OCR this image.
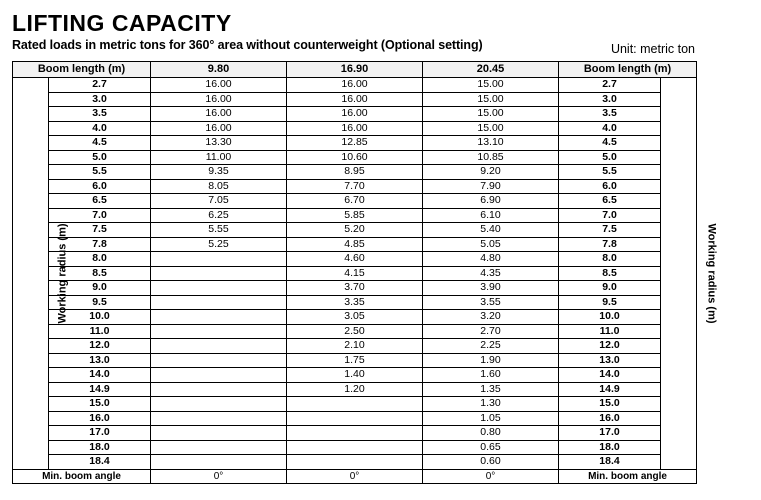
LIFTING CAPACITY
Rated loads in metric tons for 360° area without counterweight (Optional setting)	Unit: metric ton
Boom length (m)		9.80	16.90	20.45	Boom length (m)	
Working radius (m)	2.7	16.00	16.00	15.00	2.7	Working radius (m)
	3.0	16.00	16.00	15.00	3.0	
	3.5	16.00	16.00	15.00	3.5	
	4.0	16.00	16.00	15.00	4.0	
	4.5	13.30	12.85	13.10	4.5	
	5.0	11.00	10.60	10.85	5.0	
	5.5	9.35	8.95	9.20	5.5	
	6.0	8.05	7.70	7.90	6.0	
	6.5	7.05	6.70	6.90	6.5	
	7.0	6.25	5.85	6.10	7.0	
	7.5	5.55	5.20	5.40	7.5	
	7.8	5.25	4.85	5.05	7.8	
	8.0		4.60	4.80	8.0	
	8.5		4.15	4.35	8.5	
	9.0		3.70	3.90	9.0	
	9.5		3.35	3.55	9.5	
	10.0		3.05	3.20	10.0	
	11.0		2.50	2.70	11.0	
	12.0		2.10	2.25	12.0	
	13.0		1.75	1.90	13.0	
	14.0		1.40	1.60	14.0	
	14.9		1.20	1.35	14.9	
	15.0			1.30	15.0	
	16.0			1.05	16.0	
	17.0			0.80	17.0	
	18.0			0.65	18.0	
	18.4			0.60	18.4	
Min. boom angle		0°	0°	0°	Min. boom angle	
